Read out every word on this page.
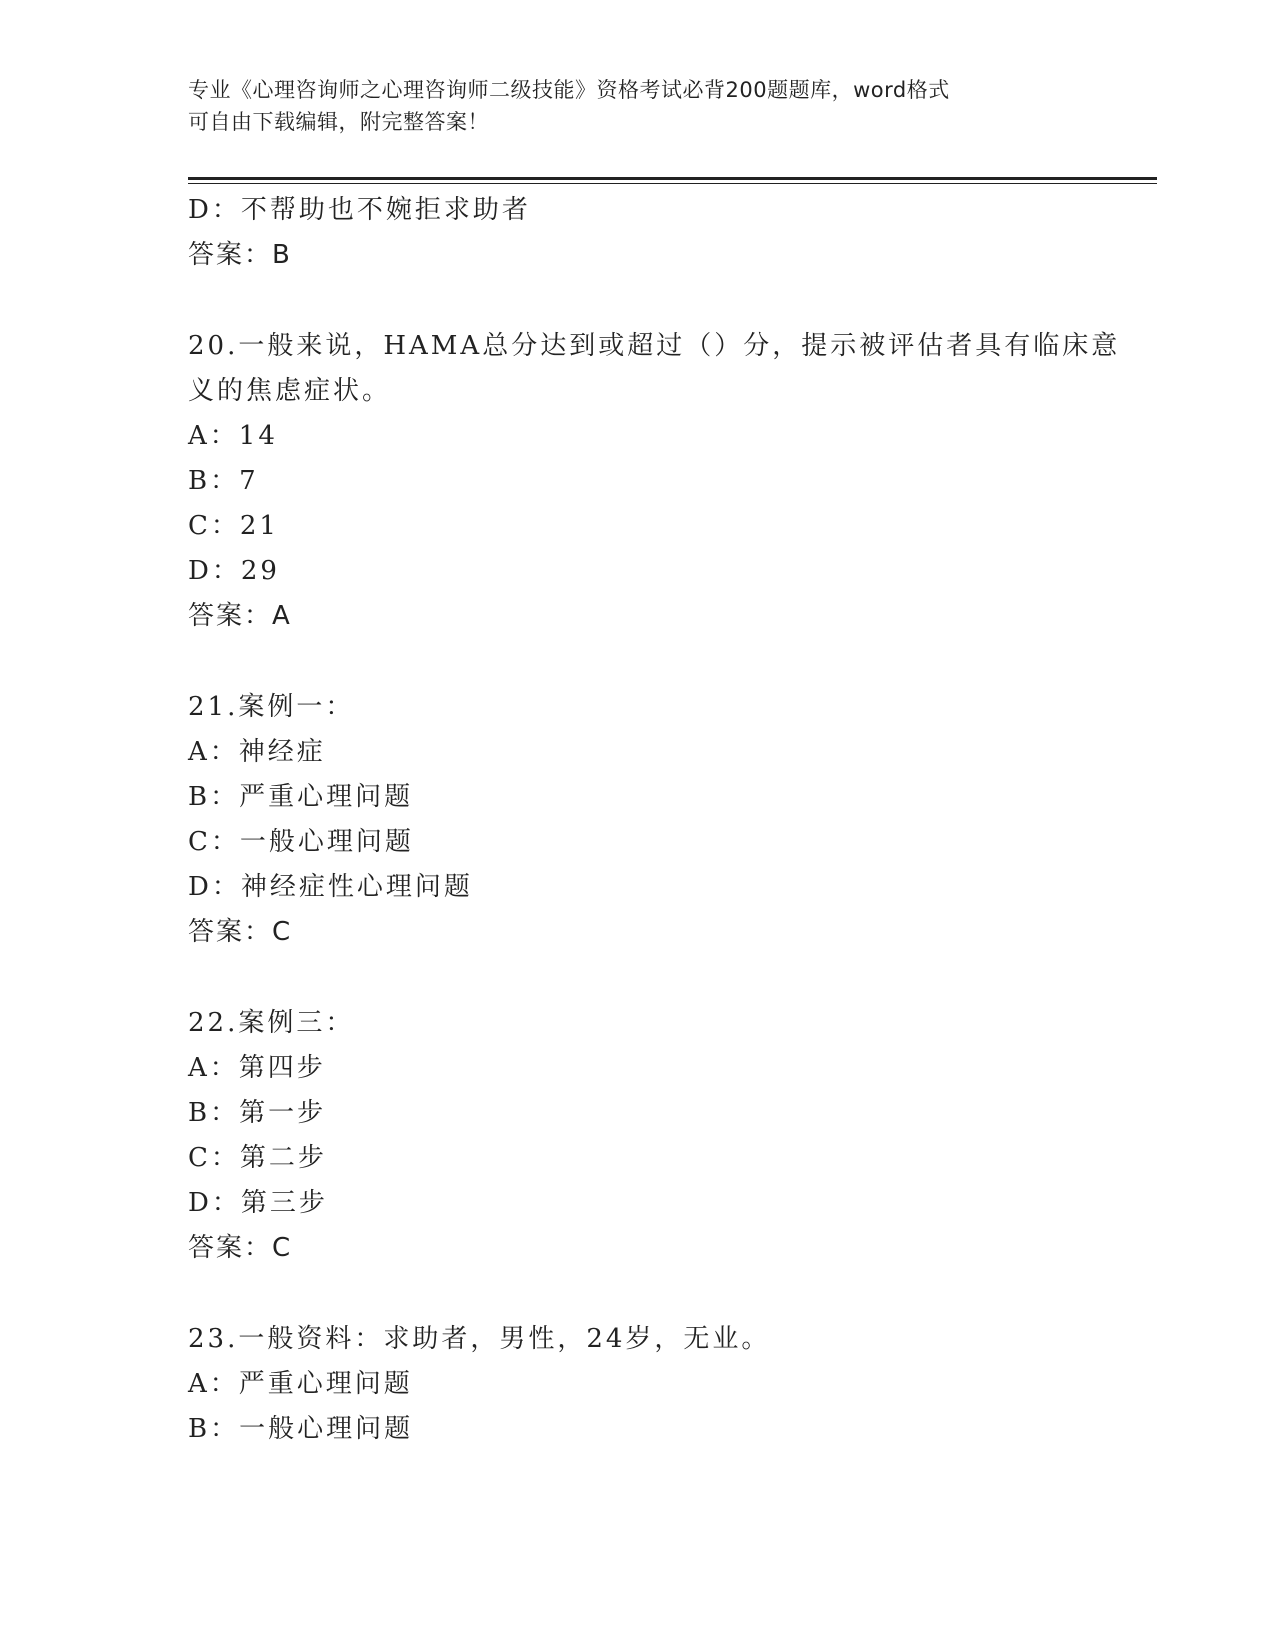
专业《心理咨询师之心理咨询师二级技能》资格考试必背200题题库，word格式
可自由下载编辑，附完整答案！
D：不帮助也不婉拒求助者
答案：B
20.一般来说，HAMA总分达到或超过（）分，提示被评估者具有临床意
义的焦虑症状。
A：14
B：7
C：21
D：29
答案：A
21.案例一：
A：神经症
B：严重心理问题
C：一般心理问题
D：神经症性心理问题
答案：C
22.案例三：
A：第四步
B：第一步
C：第二步
D：第三步
答案：C
23.一般资料：求助者，男性，24岁，无业。
A：严重心理问题
B：一般心理问题
